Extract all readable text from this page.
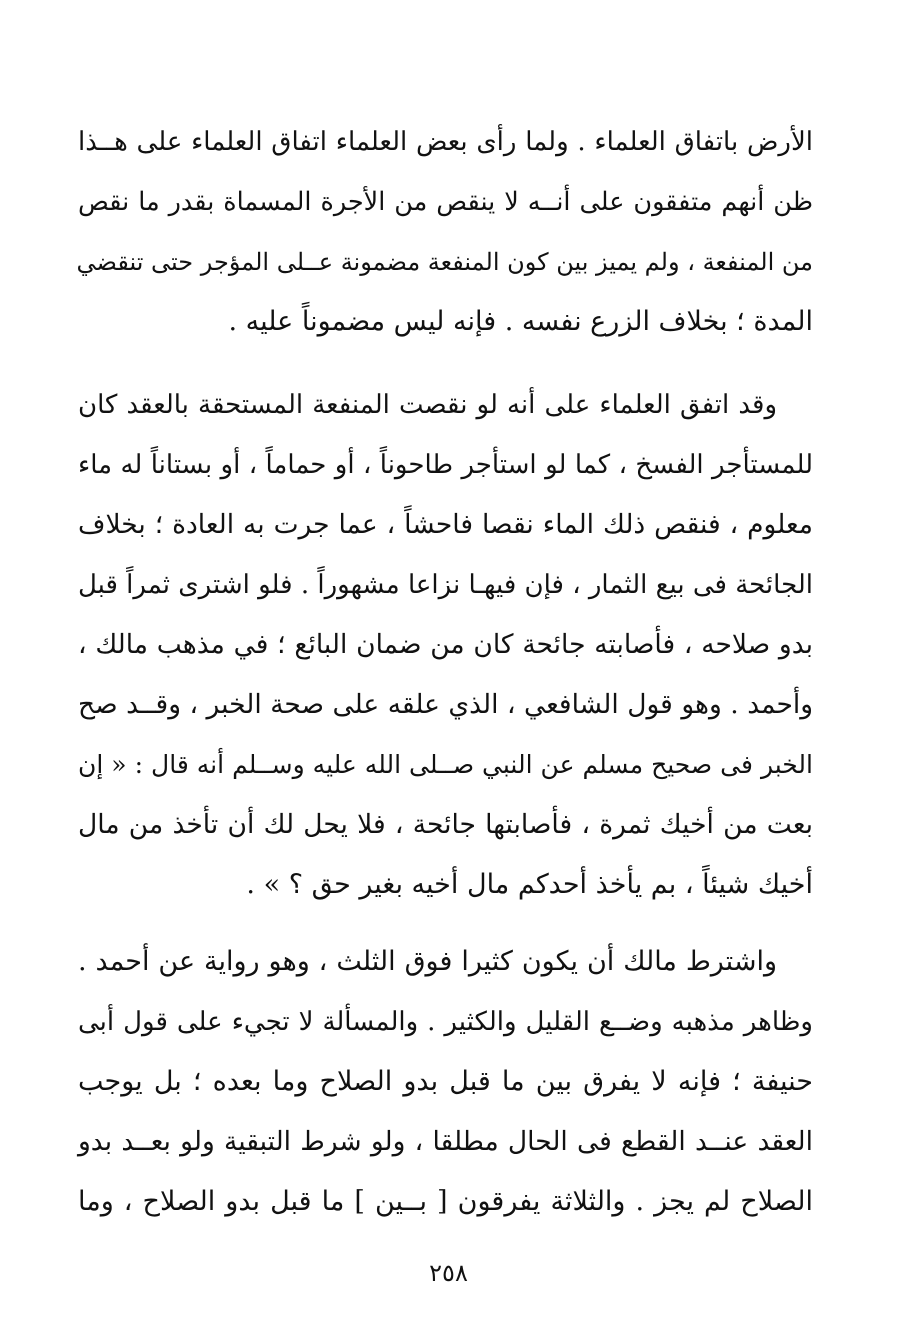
الأرض باتفاق العلماء . ولما رأى بعض العلماء اتفاق العلماء على هــذا
ظن أنهم متفقون على أنــه لا ينقص من الأجرة المسماة بقدر ما نقص
من المنفعة ، ولم يميز بين كون المنفعة مضمونة عــلى المؤجر حتى تنقضي
المدة ؛ بخلاف الزرع نفسه . فإنه ليس مضموناً عليه .
وقد اتفق العلماء على أنه لو نقصت المنفعة المستحقة بالعقد كان
للمستأجر الفسخ ، كما لو استأجر طاحوناً ، أو حماماً ، أو بستاناً له ماء
معلوم ، فنقص ذلك الماء نقصا فاحشاً ، عما جرت به العادة ؛ بخلاف
الجائحة فى بيع الثمار ، فإن فيهـا نزاعا مشهوراً . فلو اشترى ثمراً قبل
بدو صلاحه ، فأصابته جائحة كان من ضمان البائع ؛ في مذهب مالك ،
وأحمد . وهو قول الشافعي ، الذي علقه على صحة الخبر ، وقــد صح
الخبر فى صحيح مسلم عن النبي صــلى الله عليه وســلم أنه قال : « إن
بعت من أخيك ثمرة ، فأصابتها جائحة ، فلا يحل لك أن تأخذ من مال
أخيك شيئاً ، بم يأخذ أحدكم مال أخيه بغير حق ؟ » .
واشترط مالك أن يكون كثيرا فوق الثلث ، وهو رواية عن أحمد .
وظاهر مذهبه وضــع القليل والكثير . والمسألة لا تجيء على قول أبى
حنيفة ؛ فإنه لا يفرق بين ما قبل بدو الصلاح وما بعده ؛ بل يوجب
العقد عنــد القطع فى الحال مطلقا ، ولو شرط التبقية ولو بعــد بدو
الصلاح لم يجز . والثلاثة يفرقون [ بــين ] ما قبل بدو الصلاح ، وما
٢٥٨
